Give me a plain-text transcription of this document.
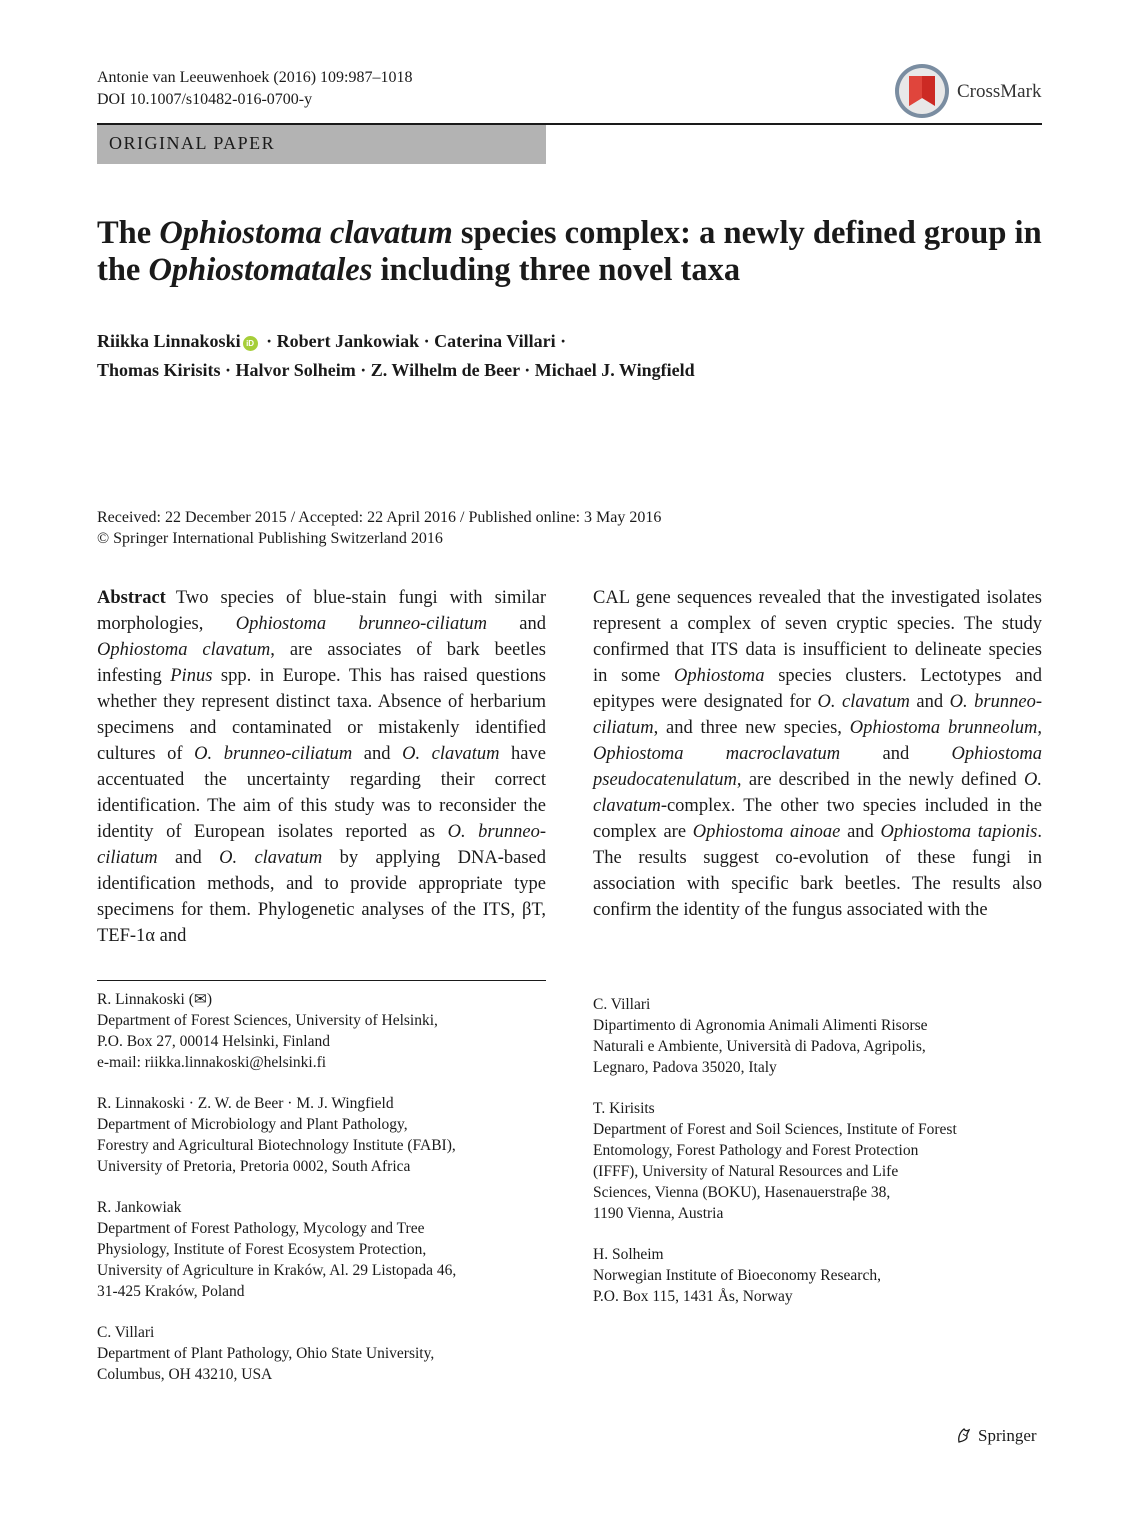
Antonie van Leeuwenhoek (2016) 109:987–1018
DOI 10.1007/s10482-016-0700-y	CrossMark
ORIGINAL PAPER
The Ophiostoma clavatum species complex: a newly defined group in the Ophiostomatales including three novel taxa
Riikka Linnakoski iD · Robert Jankowiak · Caterina Villari ·
Thomas Kirisits · Halvor Solheim · Z. Wilhelm de Beer · Michael J. Wingfield
Received: 22 December 2015 / Accepted: 22 April 2016 / Published online: 3 May 2016
© Springer International Publishing Switzerland 2016

Abstract Two species of blue-stain fungi with similar morphologies, Ophiostoma brunneo-ciliatum and Ophiostoma clavatum, are associates of bark beetles infesting Pinus spp. in Europe. This has raised questions whether they represent distinct taxa. Absence of herbarium specimens and contaminated or mistakenly identified cultures of O. brunneo-ciliatum and O. clavatum have accentuated the uncertainty regarding their correct identification. The aim of this study was to reconsider the identity of European isolates reported as O. brunneo-ciliatum and O. clavatum by applying DNA-based identification methods, and to provide appropriate type specimens for them. Phylogenetic analyses of the ITS, βT, TEF-1α and

CAL gene sequences revealed that the investigated isolates represent a complex of seven cryptic species. The study confirmed that ITS data is insufficient to delineate species in some Ophiostoma species clusters. Lectotypes and epitypes were designated for O. clavatum and O. brunneo-ciliatum, and three new species, Ophiostoma brunneolum, Ophiostoma macroclavatum and Ophiostoma pseudocatenulatum, are described in the newly defined O. clavatum-complex. The other two species included in the complex are Ophiostoma ainoae and Ophiostoma tapionis. The results suggest co-evolution of these fungi in association with specific bark beetles. The results also confirm the identity of the fungus associated with the

R. Linnakoski (✉)
Department of Forest Sciences, University of Helsinki,
P.O. Box 27, 00014 Helsinki, Finland
e-mail: riikka.linnakoski@helsinki.fi
R. Linnakoski · Z. W. de Beer · M. J. Wingfield
Department of Microbiology and Plant Pathology,
Forestry and Agricultural Biotechnology Institute (FABI),
University of Pretoria, Pretoria 0002, South Africa
R. Jankowiak
Department of Forest Pathology, Mycology and Tree
Physiology, Institute of Forest Ecosystem Protection,
University of Agriculture in Kraków, Al. 29 Listopada 46,
31-425 Kraków, Poland
C. Villari
Department of Plant Pathology, Ohio State University,
Columbus, OH 43210, USA
C. Villari
Dipartimento di Agronomia Animali Alimenti Risorse
Naturali e Ambiente, Università di Padova, Agripolis,
Legnaro, Padova 35020, Italy
T. Kirisits
Department of Forest and Soil Sciences, Institute of Forest
Entomology, Forest Pathology and Forest Protection
(IFFF), University of Natural Resources and Life
Sciences, Vienna (BOKU), Hasenauerstraβe 38,
1190 Vienna, Austria
H. Solheim
Norwegian Institute of Bioeconomy Research,
P.O. Box 115, 1431 Ås, Norway
Springer
